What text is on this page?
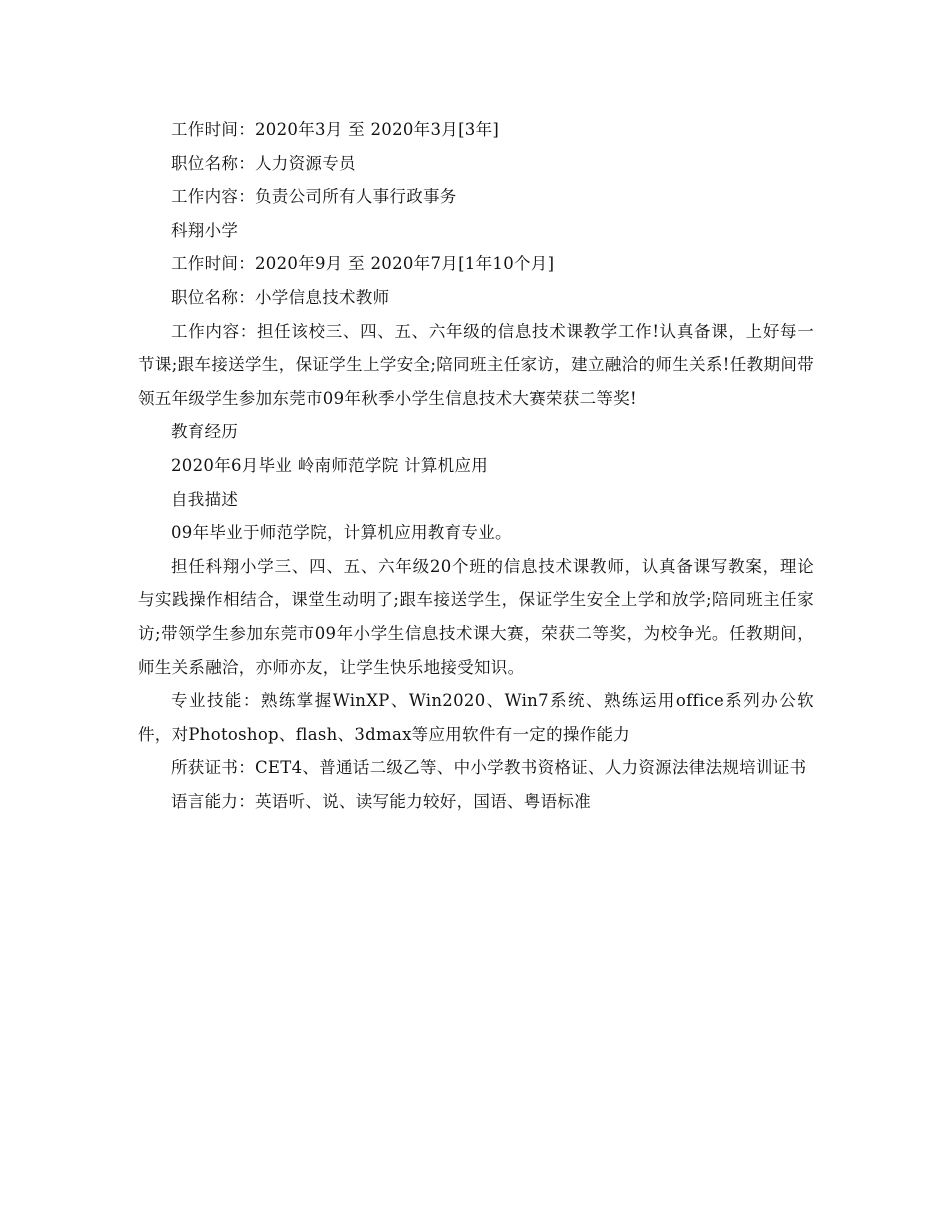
工作时间：2020年3月 至 2020年3月[3年]

职位名称：人力资源专员

工作内容：负责公司所有人事行政事务

科翔小学

工作时间：2020年9月 至 2020年7月[1年10个月]

职位名称：小学信息技术教师

工作内容：担任该校三、四、五、六年级的信息技术课教学工作!认真备课，上好每一节课;跟车接送学生，保证学生上学安全;陪同班主任家访，建立融洽的师生关系!任教期间带领五年级学生参加东莞市09年秋季小学生信息技术大赛荣获二等奖!

教育经历

2020年6月毕业 岭南师范学院 计算机应用

自我描述

09年毕业于师范学院，计算机应用教育专业。

担任科翔小学三、四、五、六年级20个班的信息技术课教师，认真备课写教案，理论与实践操作相结合，课堂生动明了;跟车接送学生，保证学生安全上学和放学;陪同班主任家访;带领学生参加东莞市09年小学生信息技术课大赛，荣获二等奖，为校争光。任教期间，师生关系融洽，亦师亦友，让学生快乐地接受知识。

专业技能：熟练掌握WinXP、Win2020、Win7系统、熟练运用office系列办公软件，对Photoshop、flash、3dmax等应用软件有一定的操作能力

所获证书：CET4、普通话二级乙等、中小学教书资格证、人力资源法律法规培训证书

语言能力：英语听、说、读写能力较好，国语、粤语标准
